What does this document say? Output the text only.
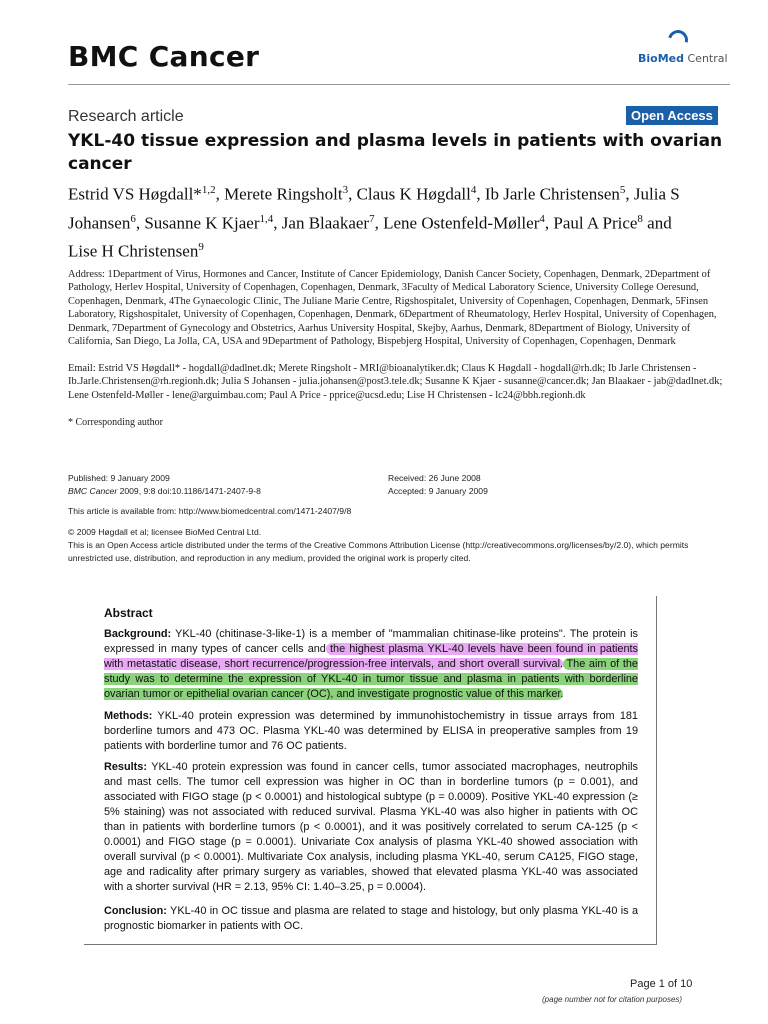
BMC Cancer	BioMed Central
Research article	Open Access
YKL-40 tissue expression and plasma levels in patients with ovarian cancer
Estrid VS Høgdall*$^{1,2}$, Merete Ringsholt$^3$, Claus K Høgdall$^4$, Ib Jarle Christensen$^5$, Julia S Johansen$^6$, Susanne K Kjaer$^{1,4}$, Jan Blaakaer$^7$, Lene Ostenfeld-Møller$^4$, Paul A Price$^8$ and Lise H Christensen$^9$
Address: 1Department of Virus, Hormones and Cancer, Institute of Cancer Epidemiology, Danish Cancer Society, Copenhagen, Denmark, 2Department of Pathology, Herlev Hospital, University of Copenhagen, Copenhagen, Denmark, 3Faculty of Medical Laboratory Science, University College Oeresund, Copenhagen, Denmark, 4The Gynaecologic Clinic, The Juliane Marie Centre, Rigshospitalet, University of Copenhagen, Copenhagen, Denmark, 5Finsen Laboratory, Rigshospitalet, University of Copenhagen, Copenhagen, Denmark, 6Department of Rheumatology, Herlev Hospital, University of Copenhagen, Denmark, 7Department of Gynecology and Obstetrics, Aarhus University Hospital, Skejby, Aarhus, Denmark, 8Department of Biology, University of California, San Diego, La Jolla, CA, USA and 9Department of Pathology, Bispebjerg Hospital, University of Copenhagen, Copenhagen, Denmark
Email: Estrid VS Høgdall* - hogdall@dadlnet.dk; Merete Ringsholt - MRI@bioanalytiker.dk; Claus K Høgdall - hogdall@rh.dk; Ib Jarle Christensen - Ib.Jarle.Christensen@rh.regionh.dk; Julia S Johansen - julia.johansen@post3.tele.dk; Susanne K Kjaer - susanne@cancer.dk; Jan Blaakaer - jab@dadlnet.dk; Lene Ostenfeld-Møller - lene@arguimbau.com; Paul A Price - pprice@ucsd.edu; Lise H Christensen - lc24@bbh.regionh.dk
* Corresponding author
Published: 9 January 2009
BMC Cancer 2009, 9:8 doi:10.1186/1471-2407-9-8
Received: 26 June 2008
Accepted: 9 January 2009
This article is available from: http://www.biomedcentral.com/1471-2407/9/8
© 2009 Høgdall et al; licensee BioMed Central Ltd.
This is an Open Access article distributed under the terms of the Creative Commons Attribution License (http://creativecommons.org/licenses/by/2.0), which permits unrestricted use, distribution, and reproduction in any medium, provided the original work is properly cited.
Abstract
Background: YKL-40 (chitinase-3-like-1) is a member of "mammalian chitinase-like proteins". The protein is expressed in many types of cancer cells and the highest plasma YKL-40 levels have been found in patients with metastatic disease, short recurrence/progression-free intervals, and short overall survival. The aim of the study was to determine the expression of YKL-40 in tumor tissue and plasma in patients with borderline ovarian tumor or epithelial ovarian cancer (OC), and investigate prognostic value of this marker.
Methods: YKL-40 protein expression was determined by immunohistochemistry in tissue arrays from 181 borderline tumors and 473 OC. Plasma YKL-40 was determined by ELISA in preoperative samples from 19 patients with borderline tumor and 76 OC patients.
Results: YKL-40 protein expression was found in cancer cells, tumor associated macrophages, neutrophils and mast cells. The tumor cell expression was higher in OC than in borderline tumors (p = 0.001), and associated with FIGO stage (p < 0.0001) and histological subtype (p = 0.0009). Positive YKL-40 expression (≥ 5% staining) was not associated with reduced survival. Plasma YKL-40 was also higher in patients with OC than in patients with borderline tumors (p < 0.0001), and it was positively correlated to serum CA-125 (p < 0.0001) and FIGO stage (p = 0.0001). Univariate Cox analysis of plasma YKL-40 showed association with overall survival (p < 0.0001). Multivariate Cox analysis, including plasma YKL-40, serum CA125, FIGO stage, age and radicality after primary surgery as variables, showed that elevated plasma YKL-40 was associated with a shorter survival (HR = 2.13, 95% CI: 1.40–3.25, p = 0.0004).
Conclusion: YKL-40 in OC tissue and plasma are related to stage and histology, but only plasma YKL-40 is a prognostic biomarker in patients with OC.
Page 1 of 10
(page number not for citation purposes)
